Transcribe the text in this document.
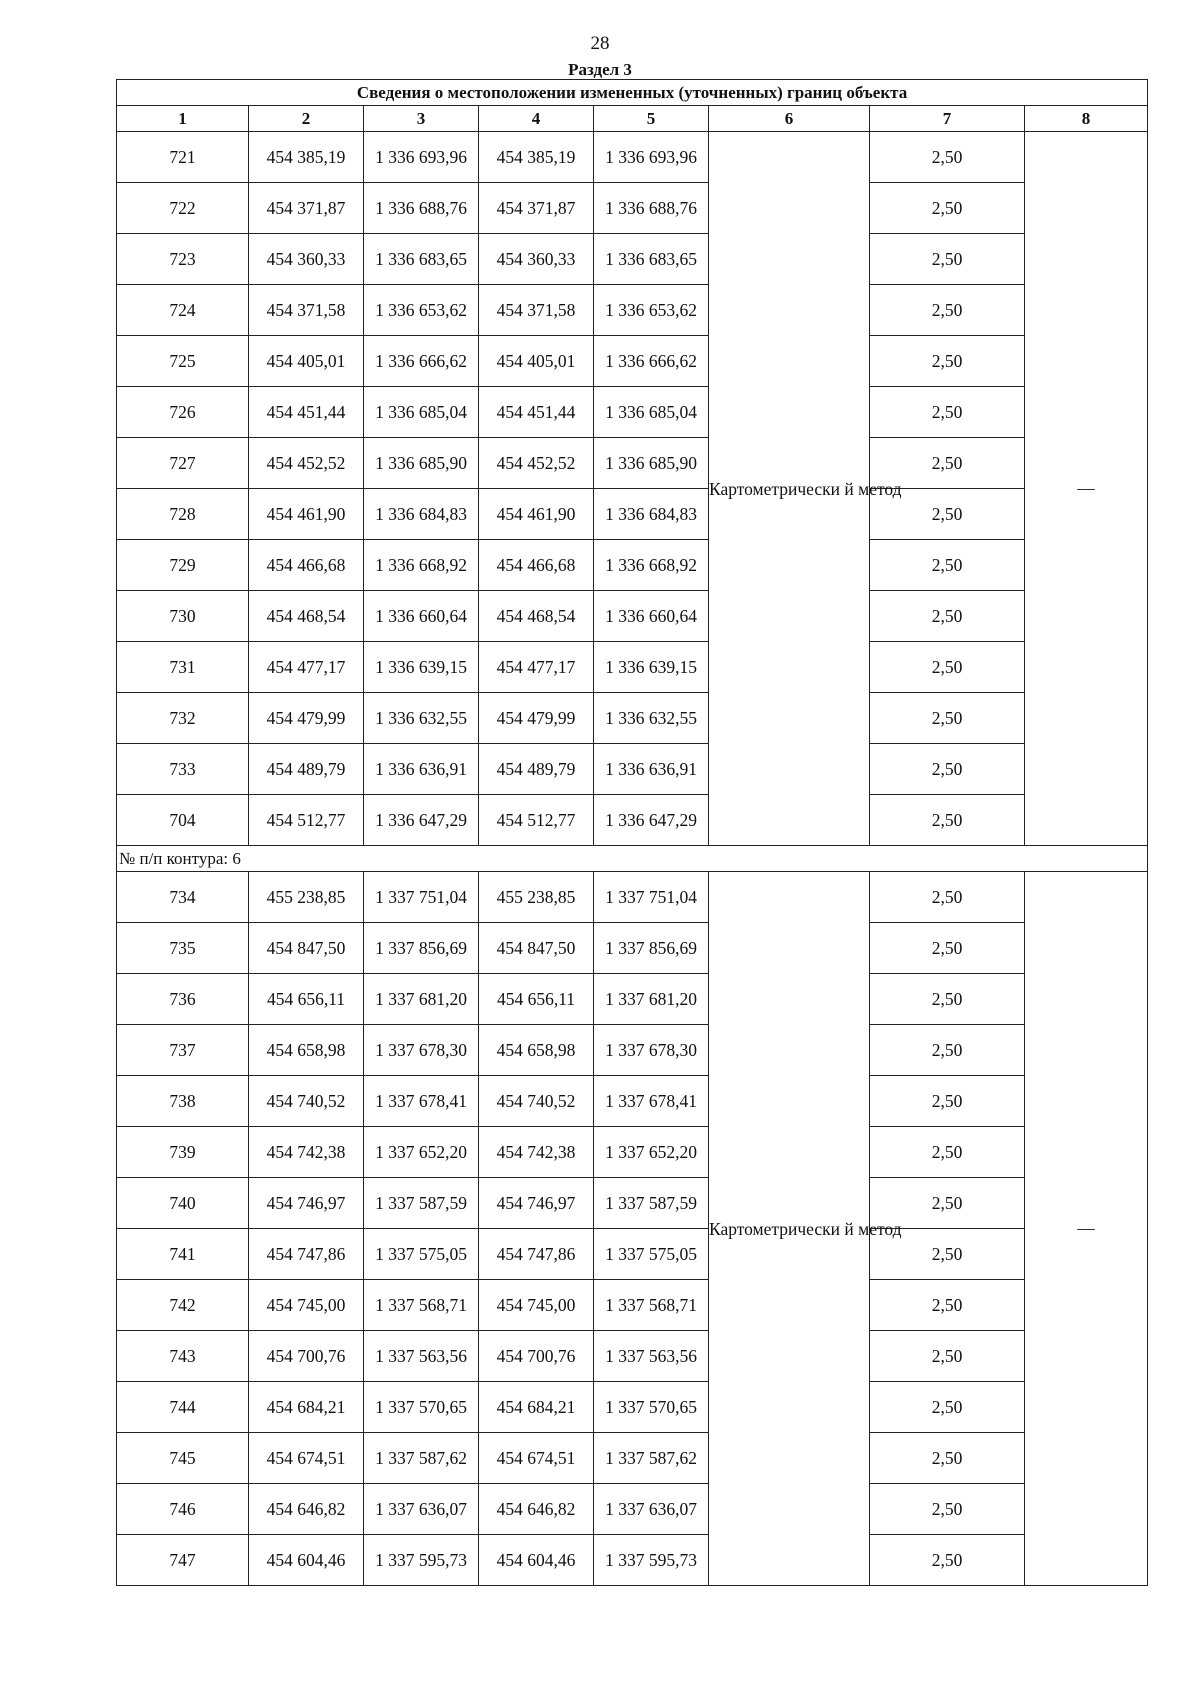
28
Раздел 3
Сведения о местоположении измененных (уточненных) границ объекта							
1	2	3	4	5	6	7	8
721	454 385,19	1 336 693,96	454 385,19	1 336 693,96	Картометрически й метод	2,50	—
722	454 371,87	1 336 688,76	454 371,87	1 336 688,76		2,50	
723	454 360,33	1 336 683,65	454 360,33	1 336 683,65		2,50	
724	454 371,58	1 336 653,62	454 371,58	1 336 653,62		2,50	
725	454 405,01	1 336 666,62	454 405,01	1 336 666,62		2,50	
726	454 451,44	1 336 685,04	454 451,44	1 336 685,04		2,50	
727	454 452,52	1 336 685,90	454 452,52	1 336 685,90		2,50	
728	454 461,90	1 336 684,83	454 461,90	1 336 684,83		2,50	
729	454 466,68	1 336 668,92	454 466,68	1 336 668,92		2,50	
730	454 468,54	1 336 660,64	454 468,54	1 336 660,64		2,50	
731	454 477,17	1 336 639,15	454 477,17	1 336 639,15		2,50	
732	454 479,99	1 336 632,55	454 479,99	1 336 632,55		2,50	
733	454 489,79	1 336 636,91	454 489,79	1 336 636,91		2,50	
704	454 512,77	1 336 647,29	454 512,77	1 336 647,29		2,50	
№ п/п контура: 6							
734	455 238,85	1 337 751,04	455 238,85	1 337 751,04	Картометрически й метод	2,50	—
735	454 847,50	1 337 856,69	454 847,50	1 337 856,69		2,50	
736	454 656,11	1 337 681,20	454 656,11	1 337 681,20		2,50	
737	454 658,98	1 337 678,30	454 658,98	1 337 678,30		2,50	
738	454 740,52	1 337 678,41	454 740,52	1 337 678,41		2,50	
739	454 742,38	1 337 652,20	454 742,38	1 337 652,20		2,50	
740	454 746,97	1 337 587,59	454 746,97	1 337 587,59		2,50	
741	454 747,86	1 337 575,05	454 747,86	1 337 575,05		2,50	
742	454 745,00	1 337 568,71	454 745,00	1 337 568,71		2,50	
743	454 700,76	1 337 563,56	454 700,76	1 337 563,56		2,50	
744	454 684,21	1 337 570,65	454 684,21	1 337 570,65		2,50	
745	454 674,51	1 337 587,62	454 674,51	1 337 587,62		2,50	
746	454 646,82	1 337 636,07	454 646,82	1 337 636,07		2,50	
747	454 604,46	1 337 595,73	454 604,46	1 337 595,73		2,50	
